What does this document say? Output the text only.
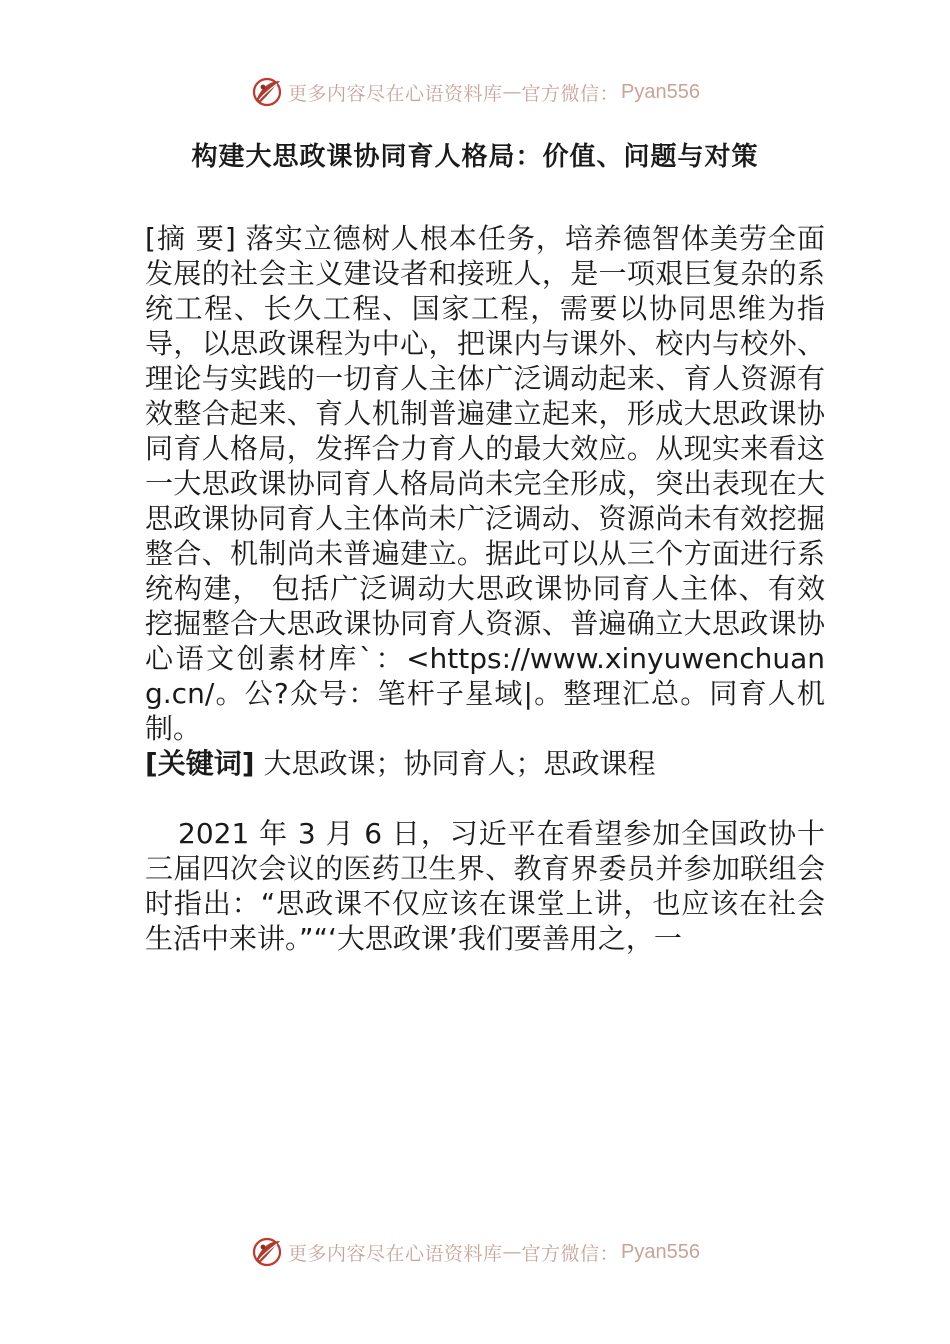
更多内容尽在心语资料库 — 官方微信： Pyan556
构建大思政课协同育人格局：价值、问题与对策

[摘 要] 落实立德树人根本任务，培养德智体美劳全面发展的社会主义建设者和接班人，是一项艰巨复杂的系统工程、长久工程、国家工程，需要以协同思维为指导，以思政课程为中心，把课内与课外、校内与校外、理论与实践的一切育人主体广泛调动起来、育人资源有效整合起来、育人机制普遍建立起来，形成大思政课协同育人格局，发挥合力育人的最大效应。从现实来看这一大思政课协同育人格局尚未完全形成，突出表现在大思政课协同育人主体尚未广泛调动、资源尚未有效挖掘整合、机制尚未普遍建立。据此可以从三个方面进行系统构建， 包括广泛调动大思政课协同育人主体、有效挖掘整合大思政课协同育人资源、普遍确立大思政课协心语文创素材库`：<https://www.xinyuwenchuang.cn/。公?众号：笔杆子星域|。整理汇总。同育人机制。

[关键词] 大思政课；协同育人；思政课程

2021 年 3 月 6 日，习近平在看望参加全国政协十三届四次会议的医药卫生界、教育界委员并参加联组会时指出：“思政课不仅应该在课堂上讲，也应该在社会生活中来讲。”“‘大思政课’我们要善用之，一

更多内容尽在心语资料库 — 官方微信： Pyan556
